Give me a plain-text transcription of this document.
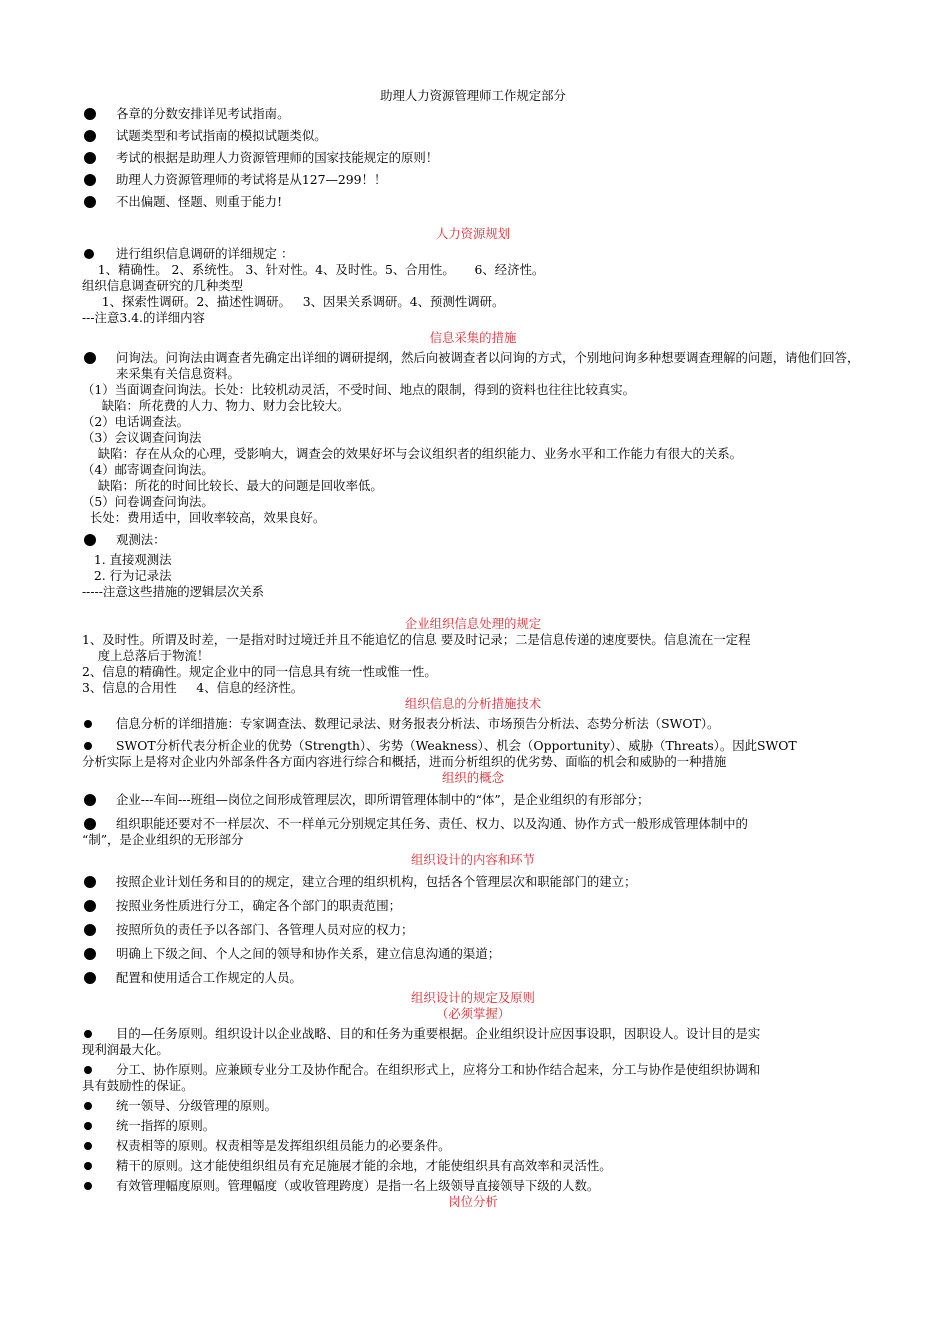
助理人力资源管理师工作规定部分

各章的分数安排详见考试指南。

试题类型和考试指南的模拟试题类似。

考试的根据是助理人力资源管理师的国家技能规定的原则！

助理人力资源管理师的考试将是从127—299！！

不出偏题、怪题、则重于能力!

人力资源规划

进行组织信息调研的详细规定 ：

1、精确性。 2、系统性。 3、针对性。4、及时性。5、合用性。     6、经济性。

组织信息调查研究的几种类型

1、探索性调研。2、描述性调研。   3、因果关系调研。4、预测性调研。

---注意3.4.的详细内容

信息采集的措施

问询法。问询法由调查者先确定出详细的调研提纲，然后向被调查者以问询的方式，个别地问询多种想要调查理解的问题，请他们回答，来采集有关信息资料。

（1）当面调查问询法。长处：比较机动灵活，不受时间、地点的限制，得到的资料也往往比较真实。

缺陷：所花费的人力、物力、财力会比较大。

（2）电话调查法。

（3）会议调查问询法

缺陷：存在从众的心理，受影响大，调查会的效果好坏与会议组织者的组织能力、业务水平和工作能力有很大的关系。

（4）邮寄调查问询法。

缺陷：所花的时间比较长、最大的问题是回收率低。

（5）问卷调查问询法。

长处：费用适中，回收率较高，效果良好。

观测法：

1. 直接观测法

2. 行为记录法

-----注意这些措施的逻辑层次关系

企业组织信息处理的规定

1、及时性。所谓及时差，一是指对时过境迁并且不能追忆的信息 要及时记录；二是信息传递的速度要快。信息流在一定程

度上总落后于物流！

2、信息的精确性。规定企业中的同一信息具有统一性或惟一性。

3、信息的合用性     4、信息的经济性。

组织信息的分析措施技术

信息分析的详细措施：专家调查法、数理记录法、财务报表分析法、市场预告分析法、态势分析法（SWOT）。

SWOT分析代表分析企业的优势（Strength）、劣势（Weakness）、机会（Opportunity）、威胁（Threats）。因此SWOT

分析实际上是将对企业内外部条件各方面内容进行综合和概括，进而分析组织的优劣势、面临的机会和威胁的一种措施

组织的概念

企业---车间---班组—岗位之间形成管理层次，即所谓管理体制中的“体”，是企业组织的有形部分；

组织职能还要对不一样层次、不一样单元分别规定其任务、责任、权力、以及沟通、协作方式一般形成管理体制中的

“制”，是企业组织的无形部分

组织设计的内容和环节

按照企业计划任务和目的的规定，建立合理的组织机构，包括各个管理层次和职能部门的建立；

按照业务性质进行分工，确定各个部门的职责范围；

按照所负的责任予以各部门、各管理人员对应的权力；

明确上下级之间、个人之间的领导和协作关系，建立信息沟通的渠道；

配置和使用适合工作规定的人员。

组织设计的规定及原则

（必须掌握）

目的—任务原则。组织设计以企业战略、目的和任务为重要根据。企业组织设计应因事设职，因职设人。设计目的是实

现利润最大化。

分工、协作原则。应兼顾专业分工及协作配合。在组织形式上，应将分工和协作结合起来，分工与协作是使组织协调和

具有鼓励性的保证。

统一领导、分级管理的原则。

统一指挥的原则。

权责相等的原则。权责相等是发挥组织组员能力的必要条件。

精干的原则。这才能使组织组员有充足施展才能的余地，才能使组织具有高效率和灵活性。

有效管理幅度原则。管理幅度（或收管理跨度）是指一名上级领导直接领导下级的人数。

岗位分析
